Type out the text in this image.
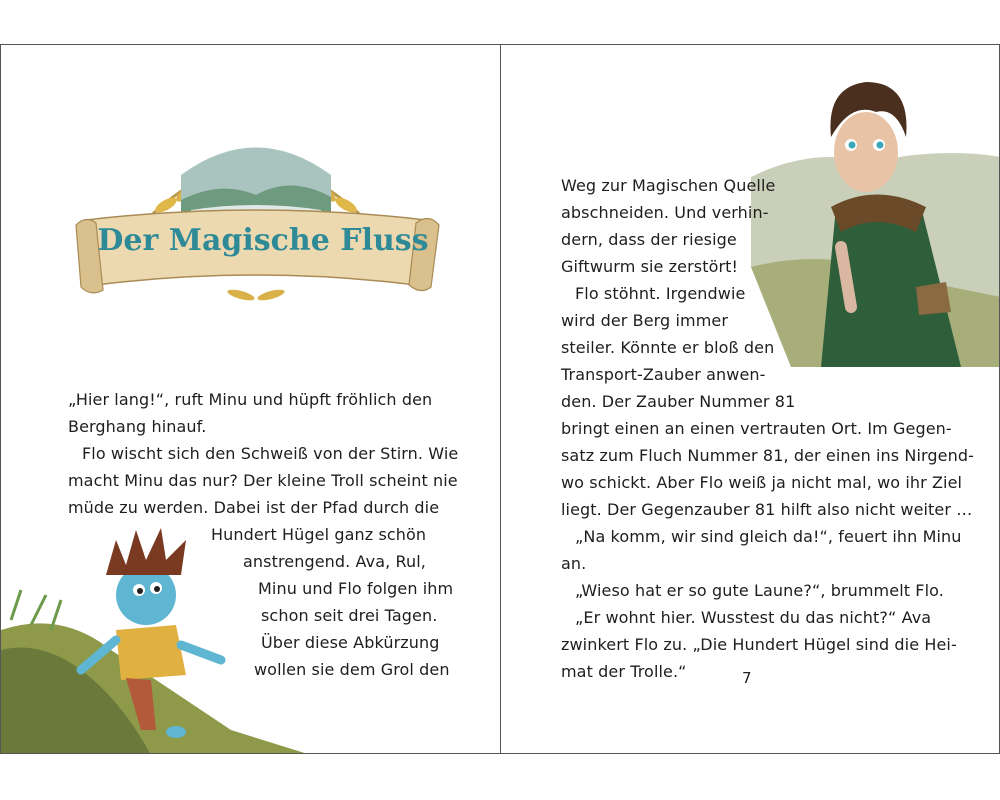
Der Magische Fluss
„Hier lang!“, ruft Minu und hüpft fröhlich den
Berghang hinauf.
Flo wischt sich den Schweiß von der Stirn. Wie
macht Minu das nur? Der kleine Troll scheint nie
müde zu werden. Dabei ist der Pfad durch die
Hundert Hügel ganz schön
anstrengend. Ava, Rul,
Minu und Flo folgen ihm
schon seit drei Tagen.
Über diese Abkürzung
wollen sie dem Grol den
Weg zur Magischen Quelle
abschneiden. Und verhin-
dern, dass der riesige
Giftwurm sie zerstört!
Flo stöhnt. Irgendwie
wird der Berg immer
steiler. Könnte er bloß den
Transport-Zauber anwen-
den. Der Zauber Nummer 81
bringt einen an einen vertrauten Ort. Im Gegen-
satz zum Fluch Nummer 81, der einen ins Nirgend-
wo schickt. Aber Flo weiß ja nicht mal, wo ihr Ziel
liegt. Der Gegenzauber 81 hilft also nicht weiter …
„Na komm, wir sind gleich da!“, feuert ihn Minu
an.
„Wieso hat er so gute Laune?“, brummelt Flo.
„Er wohnt hier. Wusstest du das nicht?“ Ava
zwinkert Flo zu. „Die Hundert Hügel sind die Hei-
mat der Trolle.“	7
